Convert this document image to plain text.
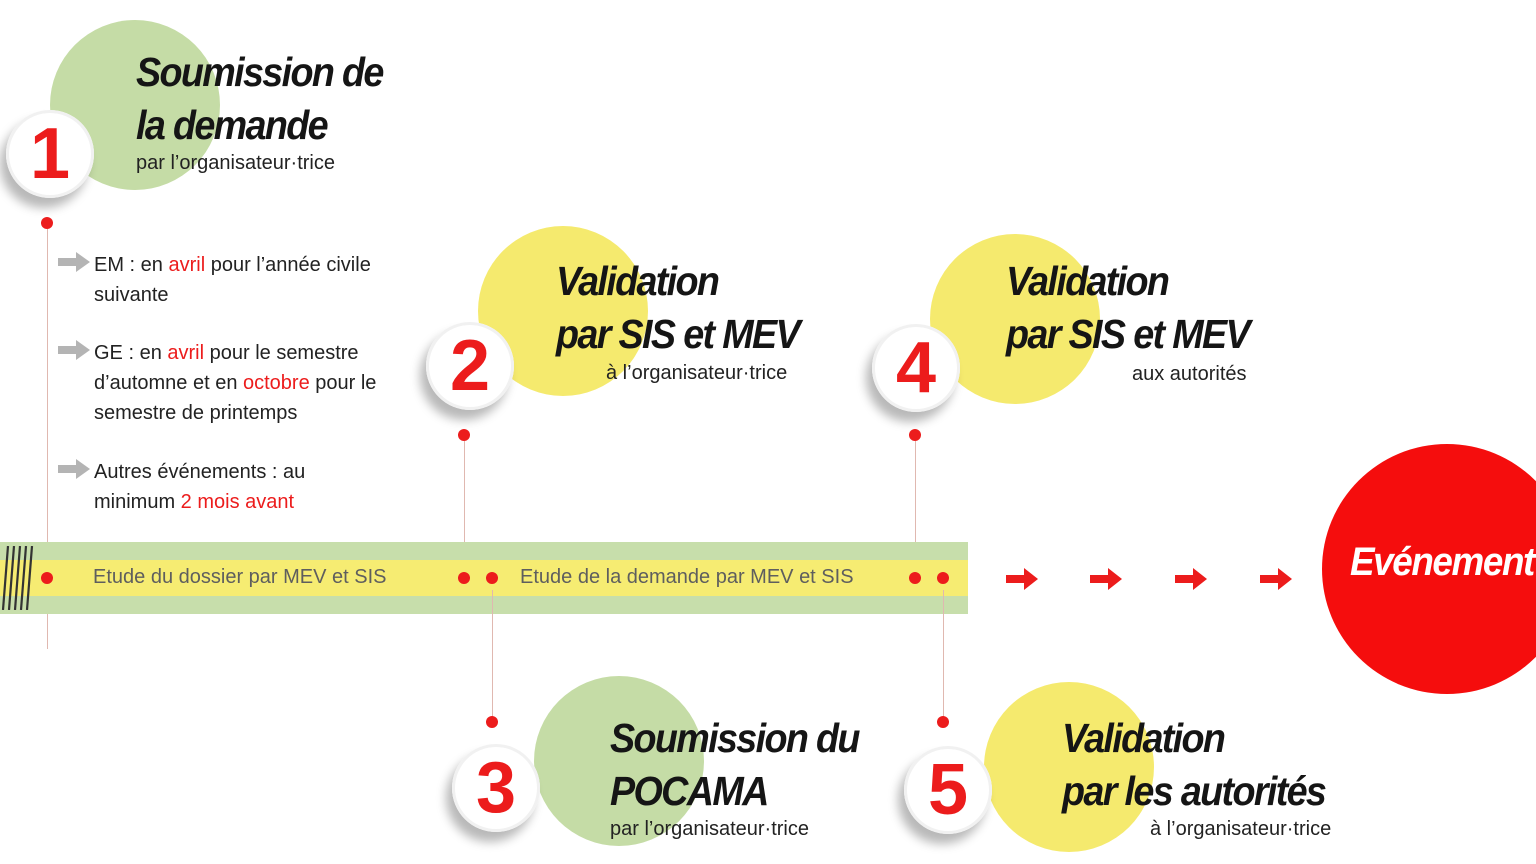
1
Soumission de
la demande
par l’organisateur·trice
EM : en avril pour l’année civile suivante
GE : en avril pour le semestre d’automne et en octobre pour le semestre de printemps
Autres événements : au minimum 2 mois avant
2
Validation
par SIS et MEV
à l’organisateur·trice 4
Validation
par SIS et MEV
aux autorités
Etude du dossier par MEV et SIS	Etude de la demande par MEV et SIS	Evénement
3
Soumission du
POCAMA
par l’organisateur·trice 5
Validation
par les autorités
à l’organisateur·trice
